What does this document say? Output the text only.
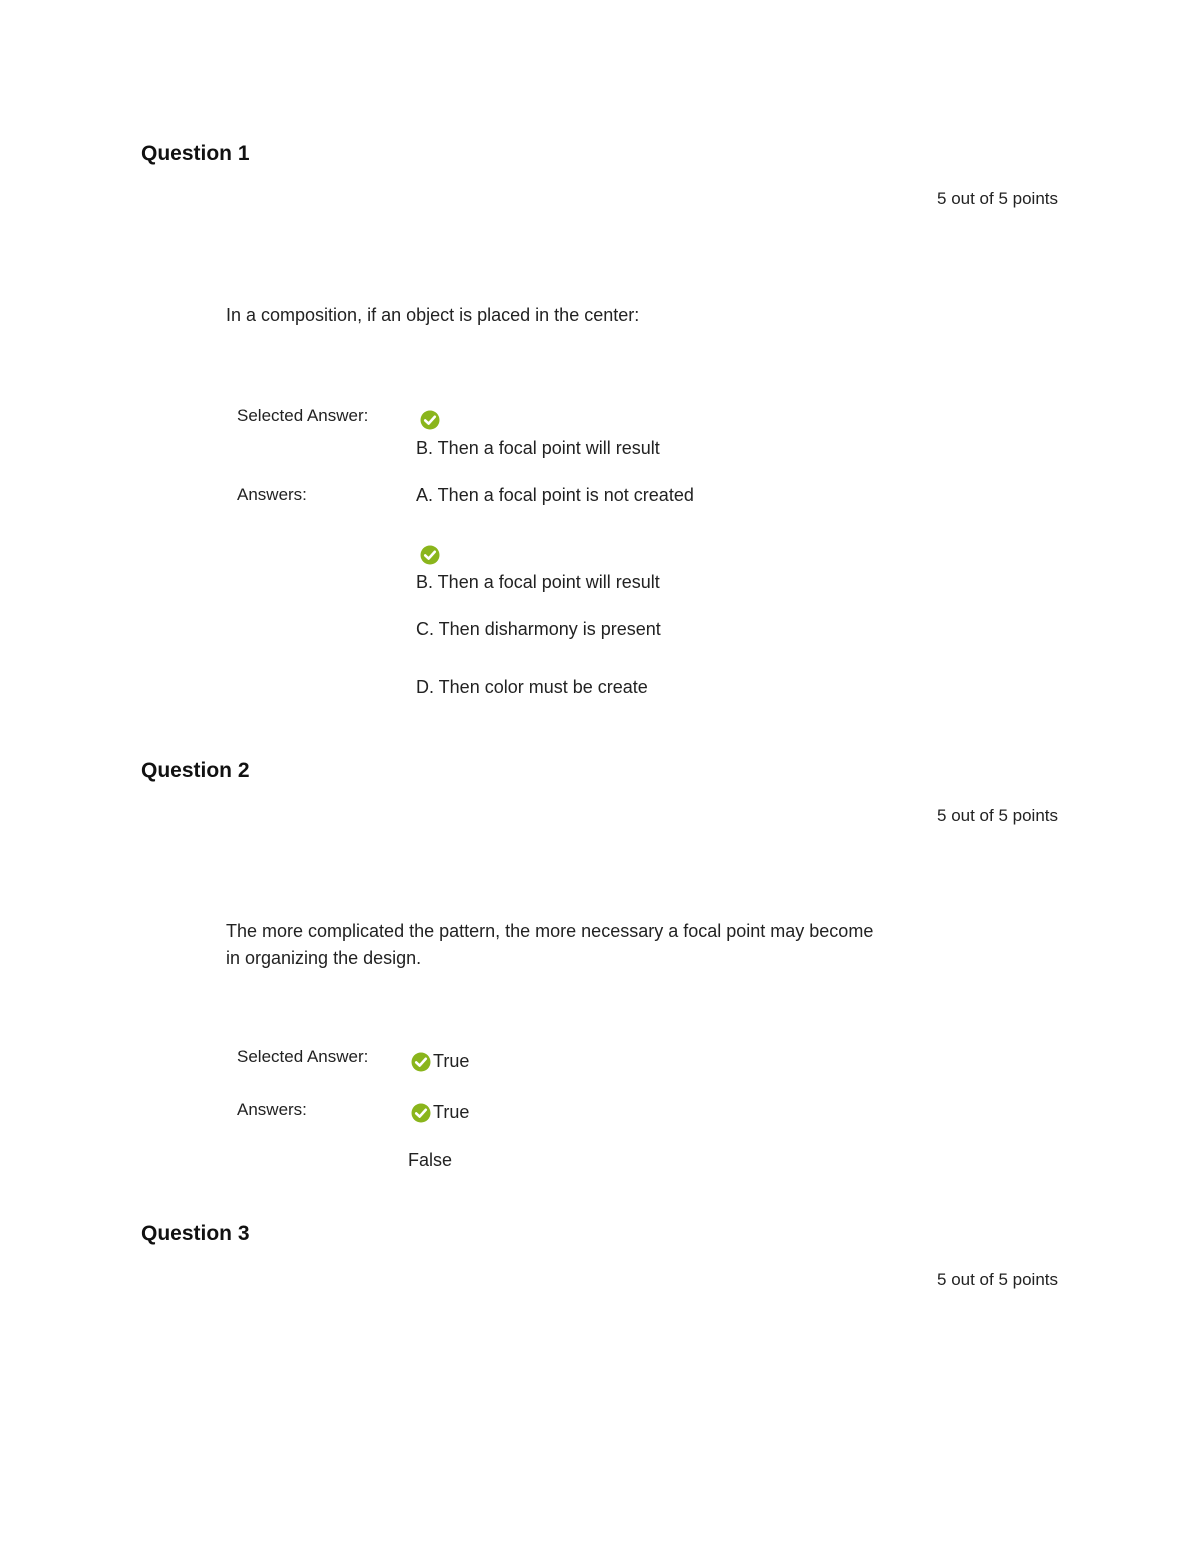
Question 1
5 out of 5 points
In a composition, if an object is placed in the center:
Selected Answer:
B. Then a focal point will result
Answers:	A. Then a focal point is not created
B. Then a focal point will result
C. Then disharmony is present
D. Then color must be create
Question 2
5 out of 5 points
The more complicated the pattern, the more necessary a focal point may become
in organizing the design.
Selected Answer:	True
Answers:	True
False
Question 3
5 out of 5 points
